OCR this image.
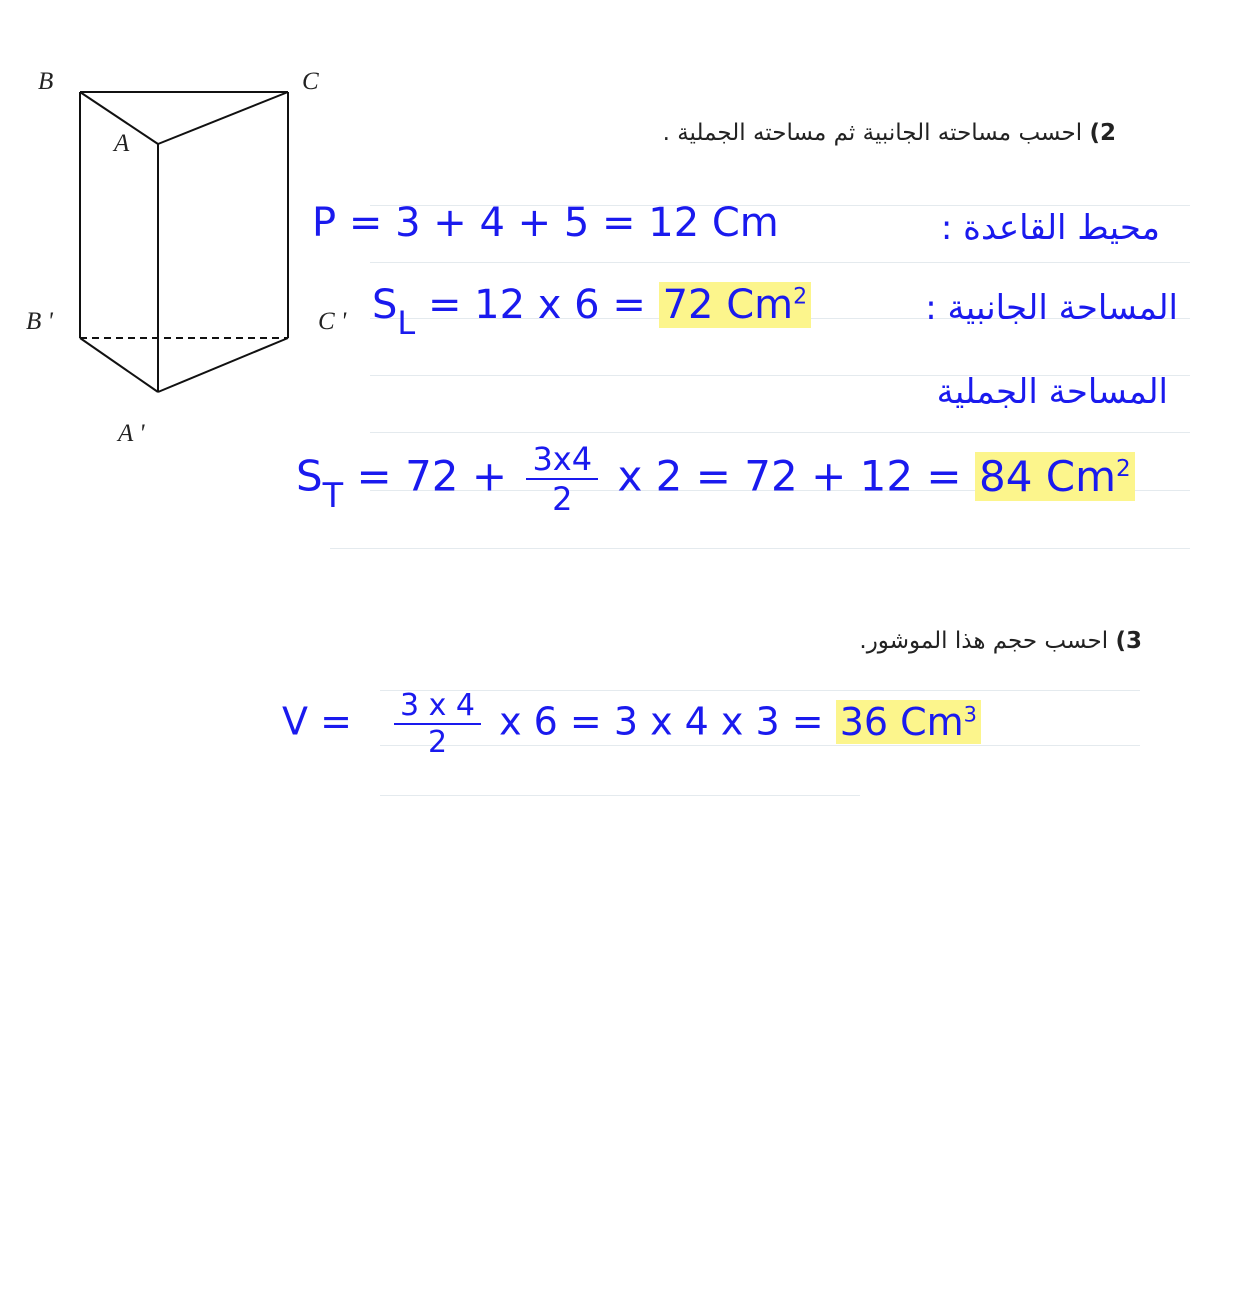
B	C
A
B '	C '
A '
2) احسب مساحته الجانبية ثم مساحته الجملية .
P = 3 + 4 + 5 = 12 Cm	محيط القاعدة :
$S_L = 12$ x 6 = 72 Cm$^2$	المساحة الجانبية :
المساحة الجملية
$S_T = 72 + \frac{3x4}{2}$ x 2 = 72 + 12 = 84 Cm$^2$
3) احسب حجم هذا الموشور.
$V = \frac{3 x 4}{2}$ x 6 = 3 x 4 x 3 = 36 Cm$^3$
